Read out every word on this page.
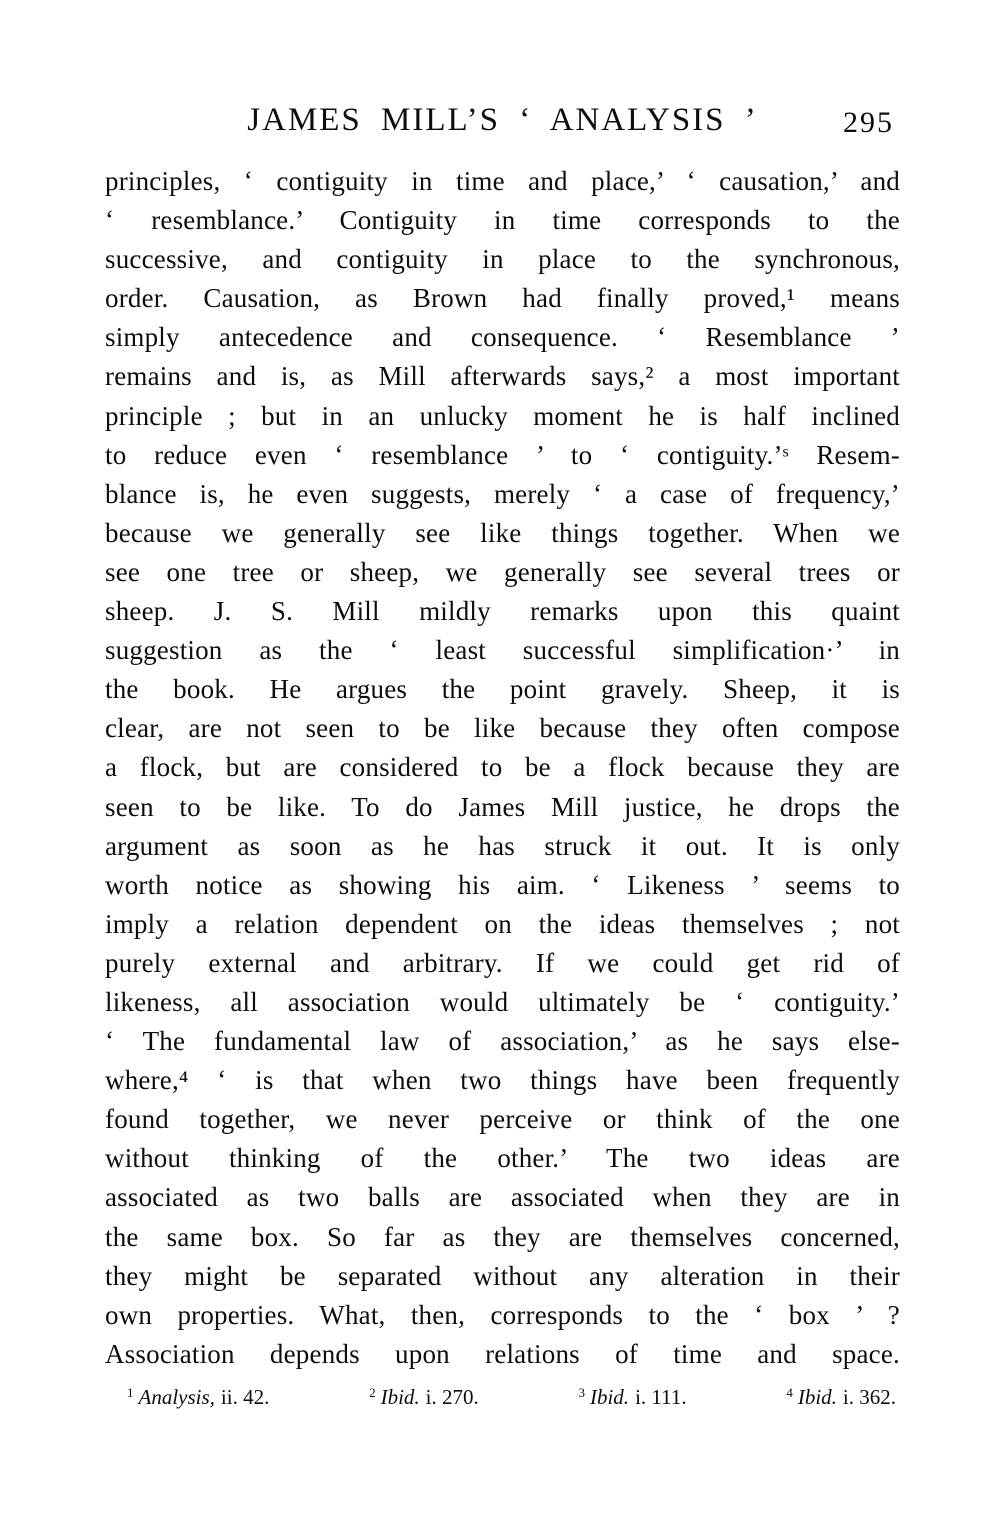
JAMES MILL’S ‘ ANALYSIS ’	295
principles, ‘ contiguity in time and place,’ ‘ causation,’ and
‘ resemblance.’ Contiguity in time corresponds to the
successive, and contiguity in place to the synchronous,
order. Causation, as Brown had finally proved,¹ means
simply antecedence and consequence. ‘ Resemblance ’
remains and is, as Mill afterwards says,² a most important
principle ; but in an unlucky moment he is half inclined
to reduce even ‘ resemblance ’ to ‘ contiguity.’ˢ Resem-
blance is, he even suggests, merely ‘ a case of frequency,’
because we generally see like things together. When we
see one tree or sheep, we generally see several trees or
sheep. J. S. Mill mildly remarks upon this quaint
suggestion as the ‘ least successful simplification·’ in
the book. He argues the point gravely. Sheep, it is
clear, are not seen to be like because they often compose
a flock, but are considered to be a flock because they are
seen to be like. To do James Mill justice, he drops the
argument as soon as he has struck it out. It is only
worth notice as showing his aim. ‘ Likeness ’ seems to
imply a relation dependent on the ideas themselves ; not
purely external and arbitrary. If we could get rid of
likeness, all association would ultimately be ‘ contiguity.’
‘ The fundamental law of association,’ as he says else-
where,⁴ ‘ is that when two things have been frequently
found together, we never perceive or think of the one
without thinking of the other.’ The two ideas are
associated as two balls are associated when they are in
the same box. So far as they are themselves concerned,
they might be separated without any alteration in their
own properties. What, then, corresponds to the ‘ box ’ ?
Association depends upon relations of time and space.
$^1$ Analysis, ii. 42.	$^2$ Ibid. i. 270.	$^3$ Ibid. i. 111.	$^4$ Ibid. i. 362.
